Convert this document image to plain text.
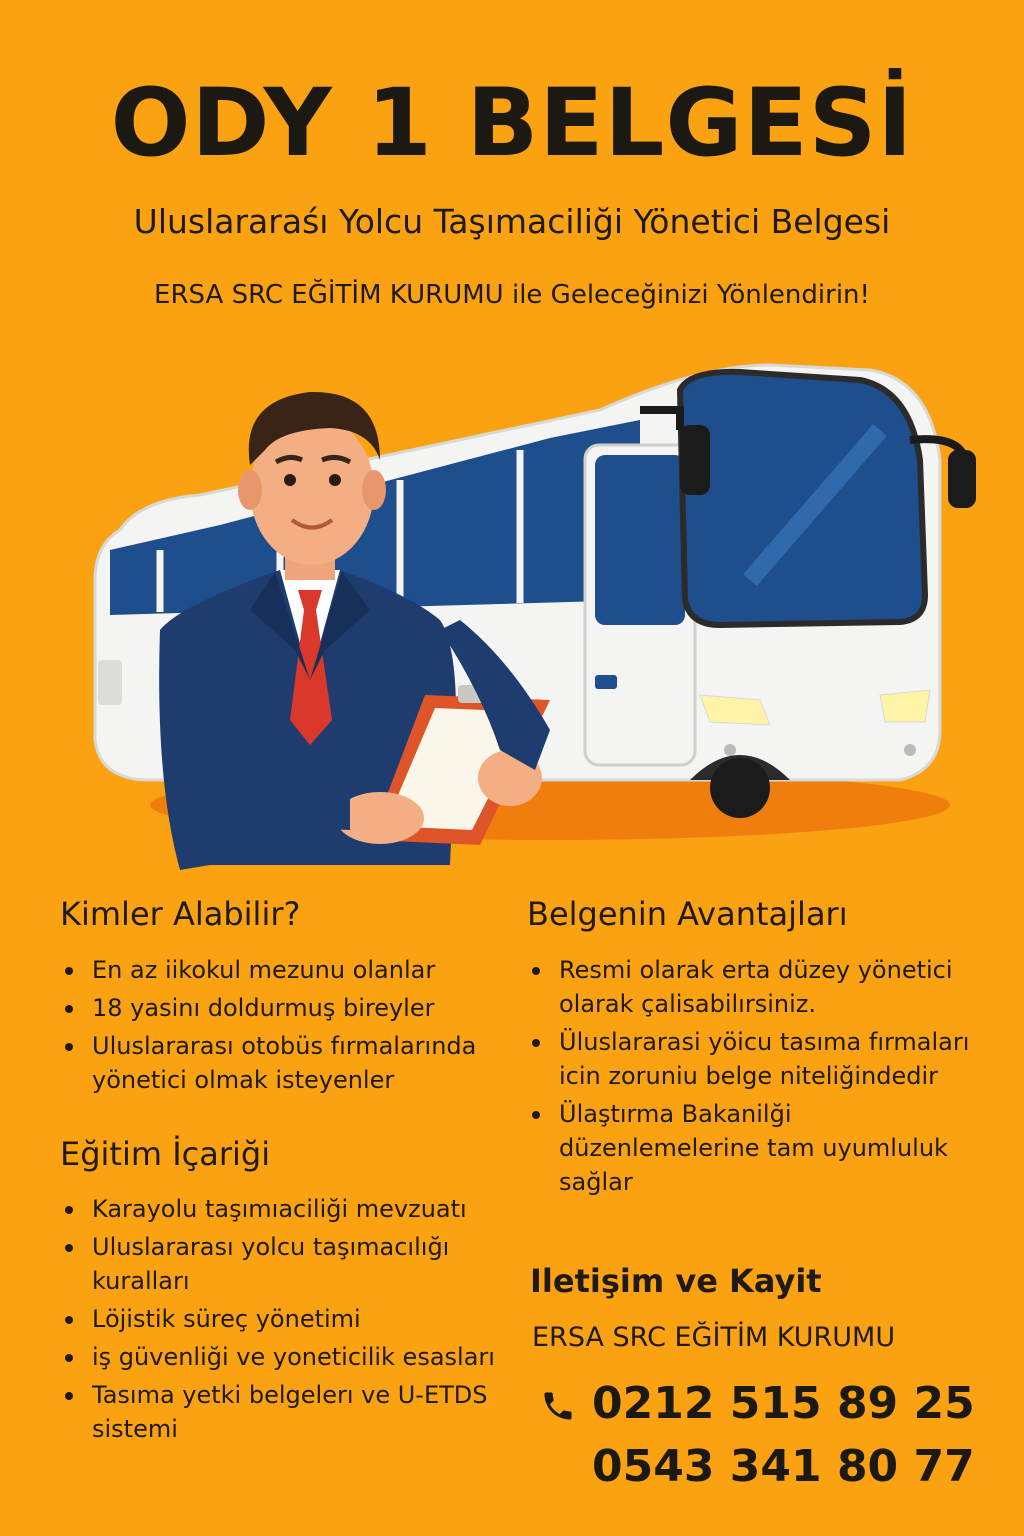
ODY 1 BELGESİ
Uluslararaśı Yolcu Taşımaciliği Yönetici Belgesi
ERSA SRC EĞİTİM KURUMU ile Geleceğinizi Yönlendirin!
Kimler Alabilir?
En az iikokul mezunu olanlar
18 yasinı doldurmuş bireyler
Uluslararası otobüs fırmalarında yönetici olmak isteyenler
Eğitim İçariği
Karayolu taşımıaciliği mevzuatı
Uluslararası yolcu taşımacılığı kuralları
Löjistik süreç yönetimi
iş güvenliği ve yoneticilik esasları
Tasıma yetki belgelerı ve U-ETDS sistemi
Belgenin Avantajları
Resmi olarak erta düzey yönetici olarak çalisabilırsiniz.
Üluslararasi yöicu tasıma fırmaları icin zoruniu belge niteliğindedir
Ülaştırma Bakanilği düzenlemelerine tam uyumluluk sağlar
Iletişim ve Kayit
ERSA SRC EĞİTİM KURUMU
0212 515 89 25
0543 341 80 77
